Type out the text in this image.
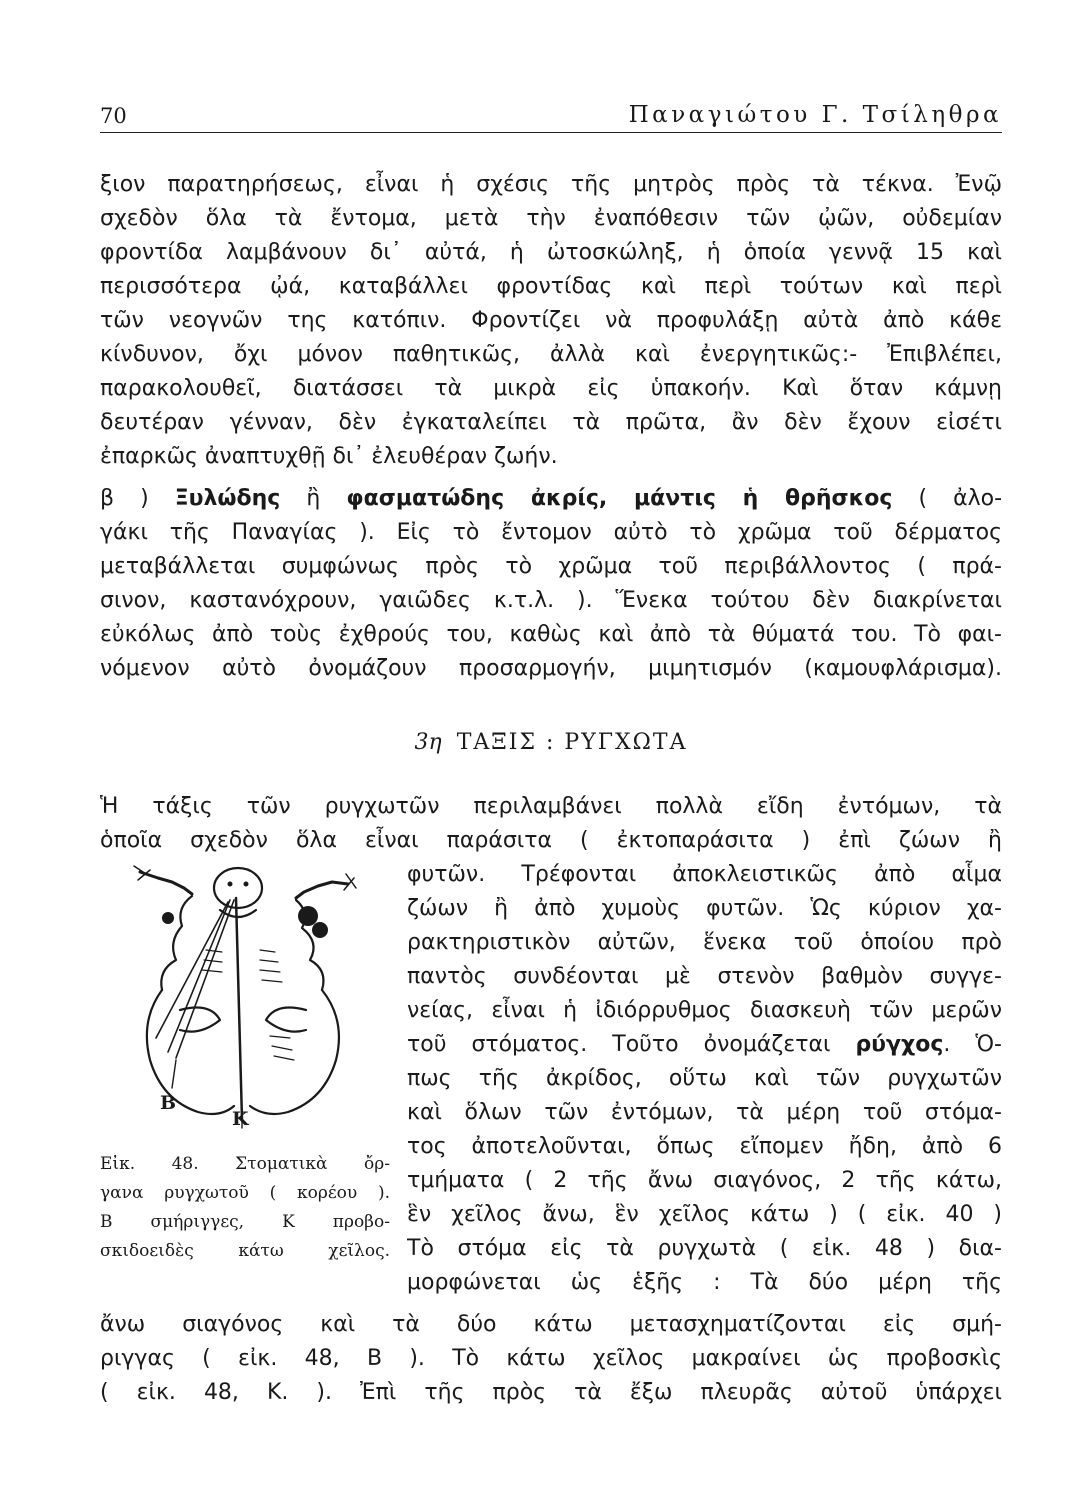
70	Παναγιώτου Γ. Τσίληθρα
ξιον παρατηρήσεως, εἶναι ἡ σχέσις τῆς μητρὸς πρὸς τὰ τέκνα. Ἐνῷ
σχεδὸν ὅλα τὰ ἔντομα, μετὰ τὴν ἐναπόθεσιν τῶν ᾠῶν, οὐδεμίαν
φροντίδα λαμβάνουν δι᾽ αὐτά, ἡ ὠτοσκώληξ, ἡ ὁποία γεννᾷ 15 καὶ
περισσότερα ᾠά, καταβάλλει φροντίδας καὶ περὶ τούτων καὶ περὶ
τῶν νεογνῶν της κατόπιν. Φροντίζει νὰ προφυλάξῃ αὐτὰ ἀπὸ κάθε
κίνδυνον, ὄχι μόνον παθητικῶς, ἀλλὰ καὶ ἐνεργητικῶς:- Ἐπιβλέπει,
παρακολουθεῖ, διατάσσει τὰ μικρὰ εἰς ὑπακοήν. Καὶ ὅταν κάμνῃ
δευτέραν γένναν, δὲν ἐγκαταλείπει τὰ πρῶτα, ἂν δὲν ἔχουν εἰσέτι
ἐπαρκῶς ἀναπτυχθῇ δι᾽ ἐλευθέραν ζωήν.
β ) Ξυλώδης ἢ φασματώδης ἀκρίς, μάντις ἡ θρῆσκος ( ἀλο-
γάκι τῆς Παναγίας ). Εἰς τὸ ἔντομον αὐτὸ τὸ χρῶμα τοῦ δέρματος
μεταβάλλεται συμφώνως πρὸς τὸ χρῶμα τοῦ περιβάλλοντος ( πρά-
σινον, καστανόχρουν, γαιῶδες κ.τ.λ. ). Ἕνεκα τούτου δὲν διακρίνεται
εὐκόλως ἀπὸ τοὺς ἐχθρούς του, καθὼς καὶ ἀπὸ τὰ θύματά του. Τὸ φαι-
νόμενον αὐτὸ ὀνομάζουν προσαρμογήν, μιμητισμόν (καμουφλάρισμα).
3η ΤΑΞΙΣ : ΡΥΓΧΩΤΑ
Ἡ τάξις τῶν ρυγχωτῶν περιλαμβάνει πολλὰ εἴδη ἐντόμων, τὰ
ὁποῖα σχεδὸν ὅλα εἶναι παράσιτα ( ἐκτοπαράσιτα ) ἐπὶ ζώων ἢ
φυτῶν. Τρέφονται ἀποκλειστικῶς ἀπὸ αἷμα
ζώων ἢ ἀπὸ χυμοὺς φυτῶν. Ὡς κύριον χα-
ρακτηριστικὸν αὐτῶν, ἕνεκα τοῦ ὁποίου πρὸ
παντὸς συνδέονται μὲ στενὸν βαθμὸν συγγε-
νείας, εἶναι ἡ ἰδιόρρυθμος διασκευὴ τῶν μερῶν
τοῦ στόματος. Τοῦτο ὀνομάζεται ρύγχος. Ὁ-
πως τῆς ἀκρίδος, οὕτω καὶ τῶν ρυγχωτῶν
καὶ ὅλων τῶν ἐντόμων, τὰ μέρη τοῦ στόμα-
τος ἀποτελοῦνται, ὅπως εἴπομεν ἤδη, ἀπὸ 6
τμήματα ( 2 τῆς ἄνω σιαγόνος, 2 τῆς κάτω,
ἓν χεῖλος ἄνω, ἓν χεῖλος κάτω ) ( εἰκ. 40 )
Τὸ στόμα εἰς τὰ ρυγχωτὰ ( εἰκ. 48 ) δια-
μορφώνεται ὡς ἑξῆς : Τὰ δύο μέρη τῆς
Β
Κ
Εἰκ. 48. Στοματικὰ ὄρ-
γανα ρυγχωτοῦ ( κορέου ).
Β σμήριγγες, Κ προβο-
σκιδοειδὲς κάτω χεῖλος.
ἄνω σιαγόνος καὶ τὰ δύο κάτω μετασχηματίζονται εἰς σμή-
ριγγας ( εἰκ. 48, Β ). Τὸ κάτω χεῖλος μακραίνει ὡς προβοσκὶς
( εἰκ. 48, Κ. ). Ἐπὶ τῆς πρὸς τὰ ἔξω πλευρᾶς αὐτοῦ ὑπάρχει
